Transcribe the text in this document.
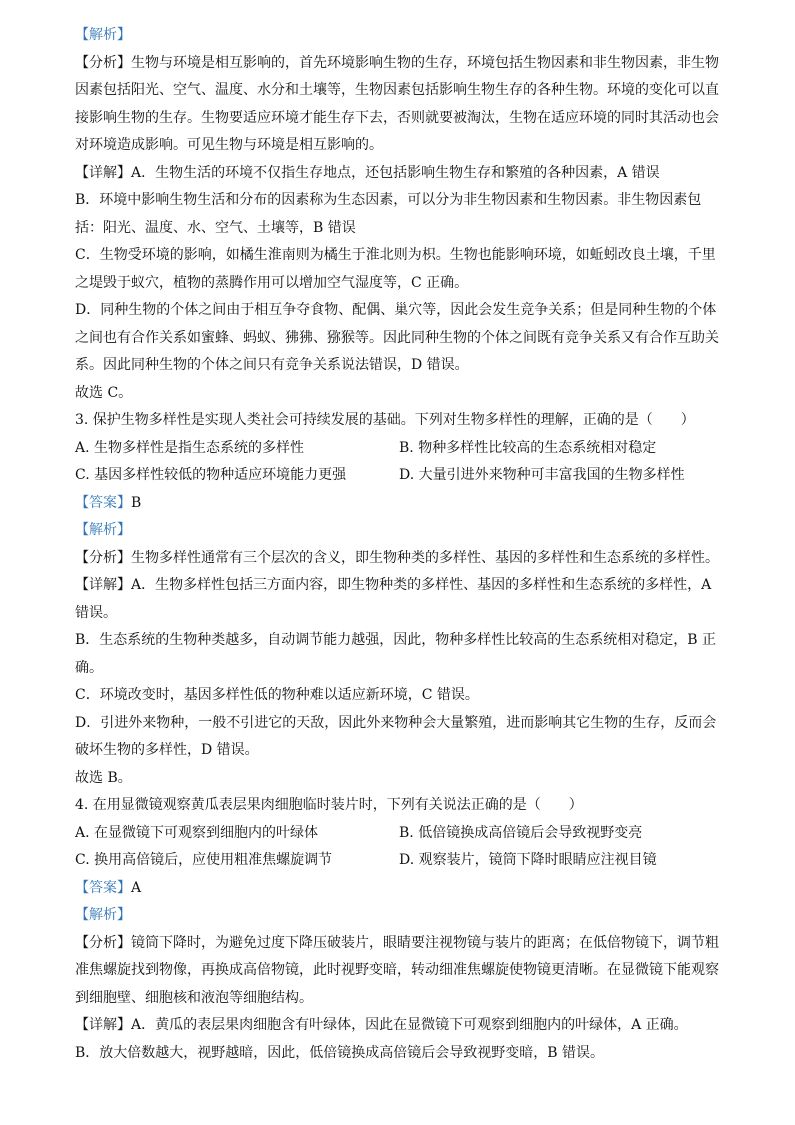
【解析】
【分析】生物与环境是相互影响的，首先环境影响生物的生存，环境包括生物因素和非生物因素，非生物
因素包括阳光、空气、温度、水分和土壤等，生物因素包括影响生物生存的各种生物。环境的变化可以直
接影响生物的生存。生物要适应环境才能生存下去，否则就要被淘汰，生物在适应环境的同时其活动也会
对环境造成影响。可见生物与环境是相互影响的。
【详解】A．生物生活的环境不仅指生存地点，还包括影响生物生存和繁殖的各种因素，A 错误
B．环境中影响生物生活和分布的因素称为生态因素，可以分为非生物因素和生物因素。非生物因素包
括：阳光、温度、水、空气、土壤等，B 错误
C．生物受环境的影响，如橘生淮南则为橘生于淮北则为枳。生物也能影响环境，如蚯蚓改良土壤，千里
之堤毁于蚁穴，植物的蒸腾作用可以增加空气湿度等，C 正确。
D．同种生物的个体之间由于相互争夺食物、配偶、巢穴等，因此会发生竞争关系；但是同种生物的个体
之间也有合作关系如蜜蜂、蚂蚁、狒狒、猕猴等。因此同种生物的个体之间既有竞争关系又有合作互助关
系。因此同种生物的个体之间只有竞争关系说法错误，D 错误。
故选 C。
3. 保护生物多样性是实现人类社会可持续发展的基础。下列对生物多样性的理解，正确的是（　　）
A. 生物多样性是指生态系统的多样性	B. 物种多样性比较高的生态系统相对稳定
C. 基因多样性较低的物种适应环境能力更强	D. 大量引进外来物种可丰富我国的生物多样性
【答案】B
【解析】
【分析】生物多样性通常有三个层次的含义，即生物种类的多样性、基因的多样性和生态系统的多样性。
【详解】A．生物多样性包括三方面内容，即生物种类的多样性、基因的多样性和生态系统的多样性，A
错误。
B．生态系统的生物种类越多，自动调节能力越强，因此，物种多样性比较高的生态系统相对稳定，B 正
确。
C．环境改变时，基因多样性低的物种难以适应新环境，C 错误。
D．引进外来物种，一般不引进它的天敌，因此外来物种会大量繁殖，进而影响其它生物的生存，反而会
破坏生物的多样性，D 错误。
故选 B。
4. 在用显微镜观察黄瓜表层果肉细胞临时装片时，下列有关说法正确的是（　　）
A. 在显微镜下可观察到细胞内的叶绿体	B. 低倍镜换成高倍镜后会导致视野变亮
C. 换用高倍镜后，应使用粗准焦螺旋调节	D. 观察装片，镜筒下降时眼睛应注视目镜
【答案】A
【解析】
【分析】镜筒下降时，为避免过度下降压破装片，眼睛要注视物镜与装片的距离；在低倍物镜下，调节粗
准焦螺旋找到物像，再换成高倍物镜，此时视野变暗，转动细准焦螺旋使物镜更清晰。在显微镜下能观察
到细胞壁、细胞核和液泡等细胞结构。
【详解】A．黄瓜的表层果肉细胞含有叶绿体，因此在显微镜下可观察到细胞内的叶绿体，A 正确。
B．放大倍数越大，视野越暗，因此，低倍镜换成高倍镜后会导致视野变暗，B 错误。
